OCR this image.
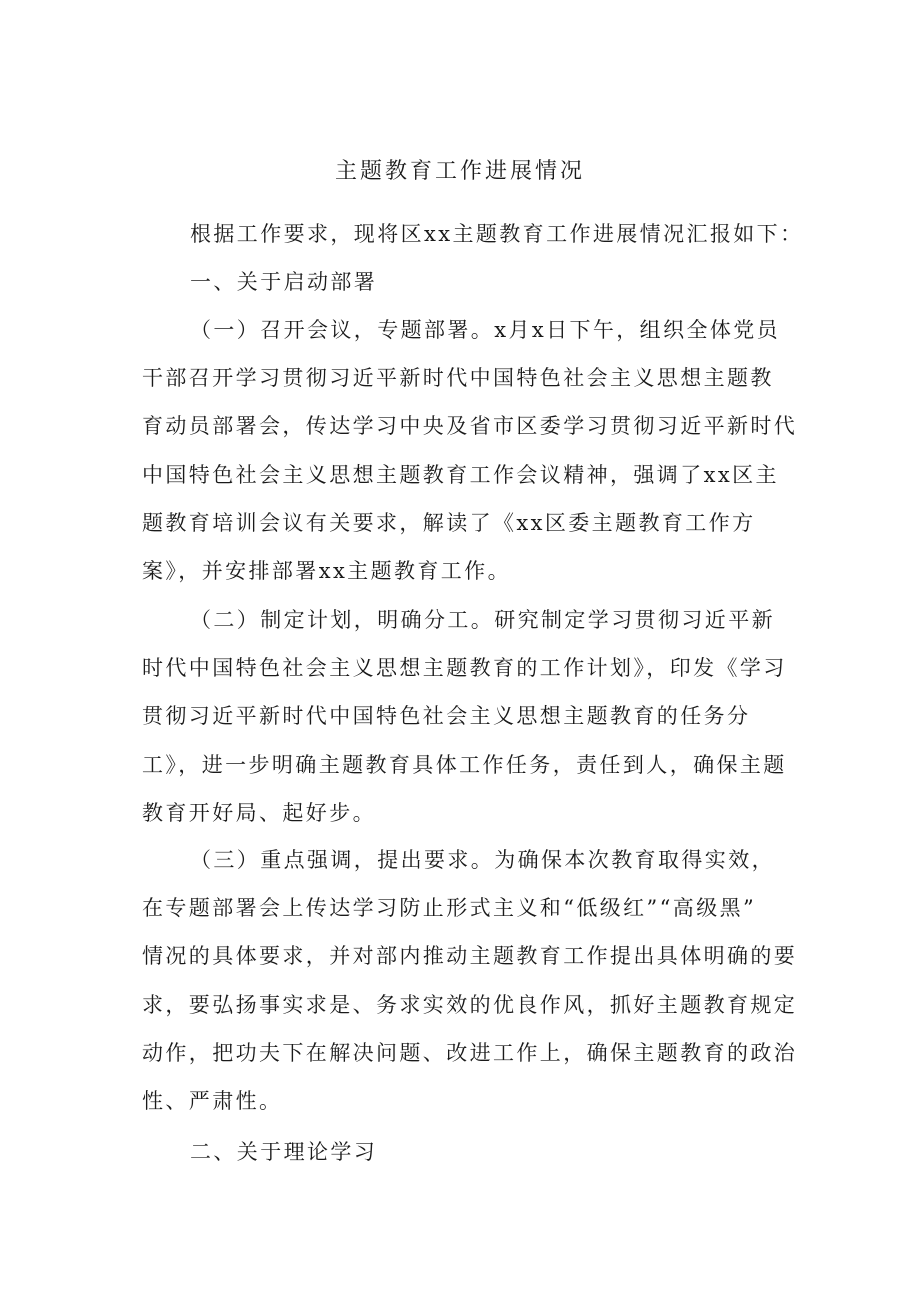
主题教育工作进展情况
根据工作要求，现将区xx主题教育工作进展情况汇报如下：
一、关于启动部署
（一）召开会议，专题部署。x月x日下午，组织全体党员
干部召开学习贯彻习近平新时代中国特色社会主义思想主题教
育动员部署会，传达学习中央及省市区委学习贯彻习近平新时代
中国特色社会主义思想主题教育工作会议精神，强调了xx区主
题教育培训会议有关要求，解读了《xx区委主题教育工作方
案》，并安排部署xx主题教育工作。
（二）制定计划，明确分工。研究制定学习贯彻习近平新
时代中国特色社会主义思想主题教育的工作计划》，印发《学习
贯彻习近平新时代中国特色社会主义思想主题教育的任务分
工》，进一步明确主题教育具体工作任务，责任到人，确保主题
教育开好局、起好步。
（三）重点强调，提出要求。为确保本次教育取得实效，
在专题部署会上传达学习防止形式主义和“低级红”“高级黑”
情况的具体要求，并对部内推动主题教育工作提出具体明确的要
求，要弘扬事实求是、务求实效的优良作风，抓好主题教育规定
动作，把功夫下在解决问题、改进工作上，确保主题教育的政治
性、严肃性。
二、关于理论学习
